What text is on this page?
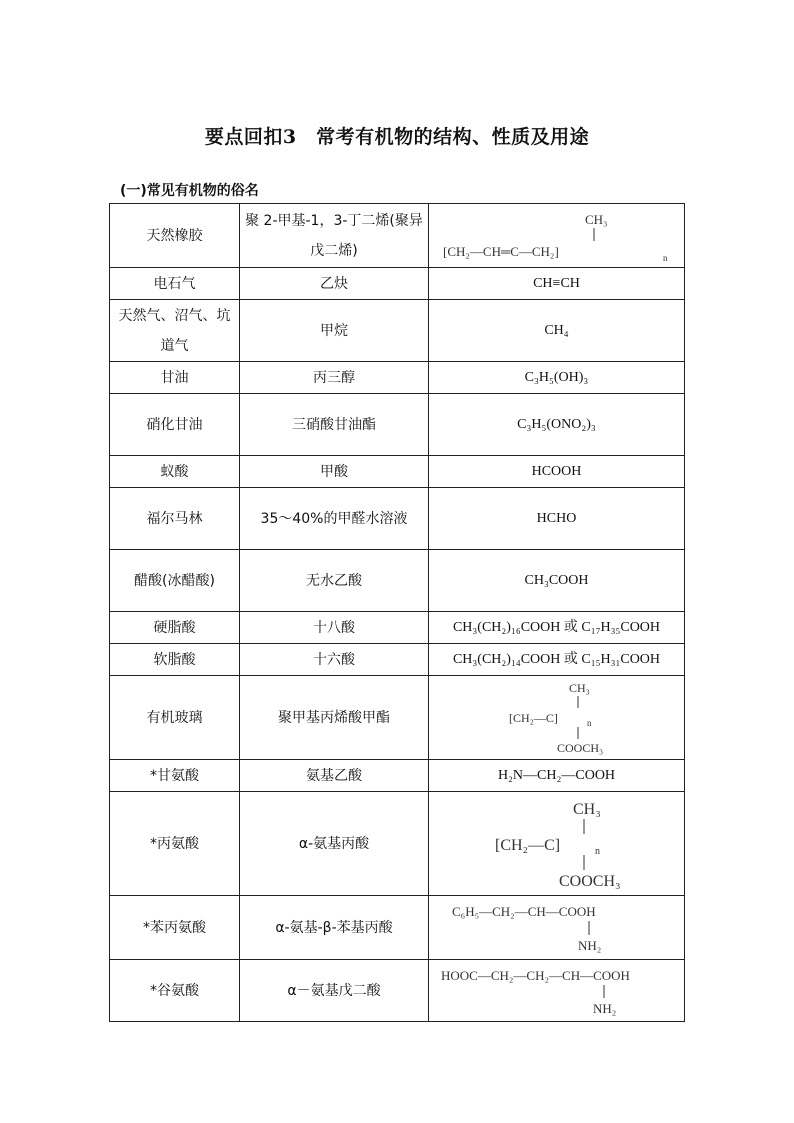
要点回扣3　常考有机物的结构、性质及用途
(一)常见有机物的俗名
天然橡胶	聚 2-甲基-1，3-丁二烯(聚异戊二烯)	CH₃
[CH₂—CH═C—CH₂] n

电石气	乙炔	CH≡CH
天然气、沼气、坑道气	甲烷	CH₄
甘油	丙三醇	C₃H₅(OH)₃
硝化甘油	三硝酸甘油酯	C₃H₅(ONO₂)₃
蚁酸	甲酸	HCOOH
福尔马林	35～40%的甲醛水溶液	HCHO
醋酸(冰醋酸)	无水乙酸	CH₃COOH
硬脂酸	十八酸	CH₃(CH₂)₁₆COOH 或 C₁₇H₃₅COOH
软脂酸	十六酸	CH₃(CH₂)₁₄COOH 或 C₁₅H₃₁COOH
有机玻璃	聚甲基丙烯酸甲酯	CH₃
[CH₂—C] n
COOCH₃

*甘氨酸	氨基乙酸	H₂N—CH₂—COOH
*丙氨酸	α-氨基丙酸	CH₃
[CH₂—C] n
COOCH₃

*苯丙氨酸	α-氨基-β-苯基丙酸	C₆H₅—CH₂—CH—COOH
NH₂

*谷氨酸	α－氨基戊二酸	HOOC—CH₂—CH₂—CH—COOH
NH₂
